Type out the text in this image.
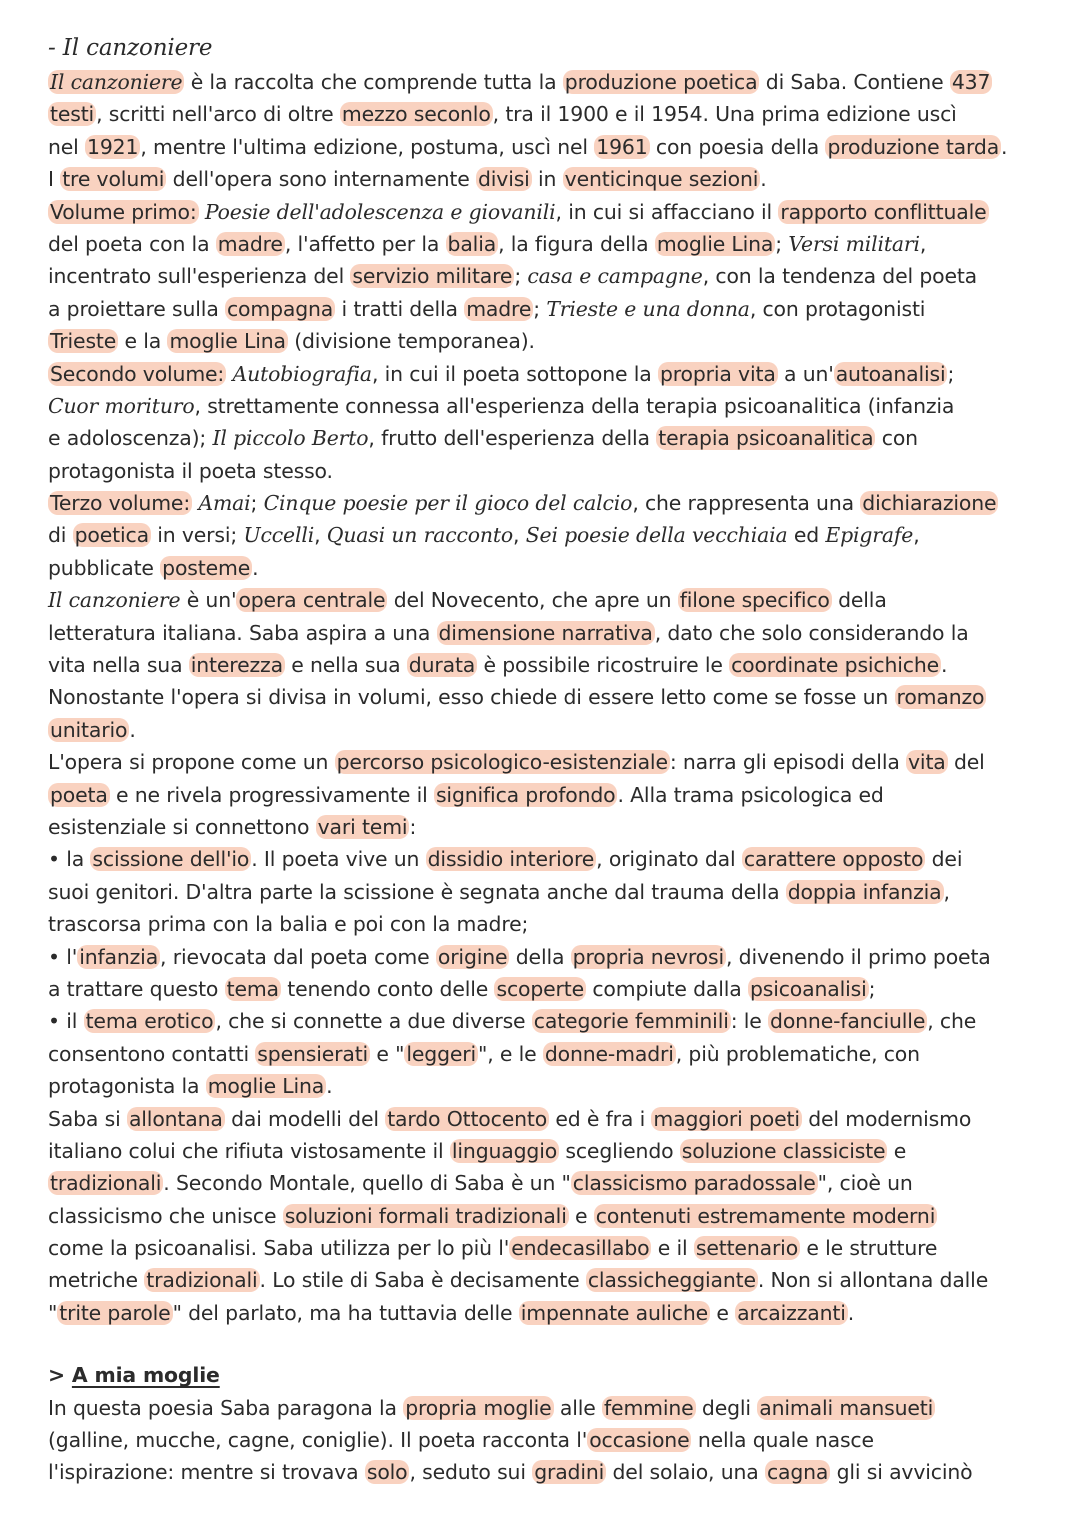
- Il canzoniere
Il canzoniere è la raccolta che comprende tutta la produzione poetica di Saba. Contiene 437
testi, scritti nell'arco di oltre mezzo seconlo, tra il 1900 e il 1954. Una prima edizione uscì
nel 1921, mentre l'ultima edizione, postuma, uscì nel 1961 con poesia della produzione tarda.
I tre volumi dell'opera sono internamente divisi in venticinque sezioni.
Volume primo: Poesie dell'adolescenza e giovanili, in cui si affacciano il rapporto conflittuale
del poeta con la madre, l'affetto per la balia, la figura della moglie Lina; Versi militari,
incentrato sull'esperienza del servizio militare; casa e campagne, con la tendenza del poeta
a proiettare sulla compagna i tratti della madre; Trieste e una donna, con protagonisti
Trieste e la moglie Lina (divisione temporanea).
Secondo volume: Autobiografia, in cui il poeta sottopone la propria vita a un'autoanalisi;
Cuor morituro, strettamente connessa all'esperienza della terapia psicoanalitica (infanzia
e adoloscenza); Il piccolo Berto, frutto dell'esperienza della terapia psicoanalitica con
protagonista il poeta stesso.
Terzo volume: Amai; Cinque poesie per il gioco del calcio, che rappresenta una dichiarazione
di poetica in versi; Uccelli, Quasi un racconto, Sei poesie della vecchiaia ed Epigrafe,
pubblicate posteme.
Il canzoniere è un'opera centrale del Novecento, che apre un filone specifico della
letteratura italiana. Saba aspira a una dimensione narrativa, dato che solo considerando la
vita nella sua interezza e nella sua durata è possibile ricostruire le coordinate psichiche.
Nonostante l'opera si divisa in volumi, esso chiede di essere letto come se fosse un romanzo
unitario.
L'opera si propone come un percorso psicologico-esistenziale: narra gli episodi della vita del
poeta e ne rivela progressivamente il significa profondo. Alla trama psicologica ed
esistenziale si connettono vari temi:
• la scissione dell'io. Il poeta vive un dissidio interiore, originato dal carattere opposto dei
suoi genitori. D'altra parte la scissione è segnata anche dal trauma della doppia infanzia,
trascorsa prima con la balia e poi con la madre;
• l'infanzia, rievocata dal poeta come origine della propria nevrosi, divenendo il primo poeta
a trattare questo tema tenendo conto delle scoperte compiute dalla psicoanalisi;
• il tema erotico, che si connette a due diverse categorie femminili: le donne-fanciulle, che
consentono contatti spensierati e "leggeri", e le donne-madri, più problematiche, con
protagonista la moglie Lina.
Saba si allontana dai modelli del tardo Ottocento ed è fra i maggiori poeti del modernismo
italiano colui che rifiuta vistosamente il linguaggio scegliendo soluzione classiciste e
tradizionali. Secondo Montale, quello di Saba è un "classicismo paradossale", cioè un
classicismo che unisce soluzioni formali tradizionali e contenuti estremamente moderni
come la psicoanalisi. Saba utilizza per lo più l'endecasillabo e il settenario e le strutture
metriche tradizionali. Lo stile di Saba è decisamente classicheggiante. Non si allontana dalle
"trite parole" del parlato, ma ha tuttavia delle impennate auliche e arcaizzanti.
> A mia moglie
In questa poesia Saba paragona la propria moglie alle femmine degli animali mansueti
(galline, mucche, cagne, coniglie). Il poeta racconta l'occasione nella quale nasce
l'ispirazione: mentre si trovava solo, seduto sui gradini del solaio, una cagna gli si avvicinò
